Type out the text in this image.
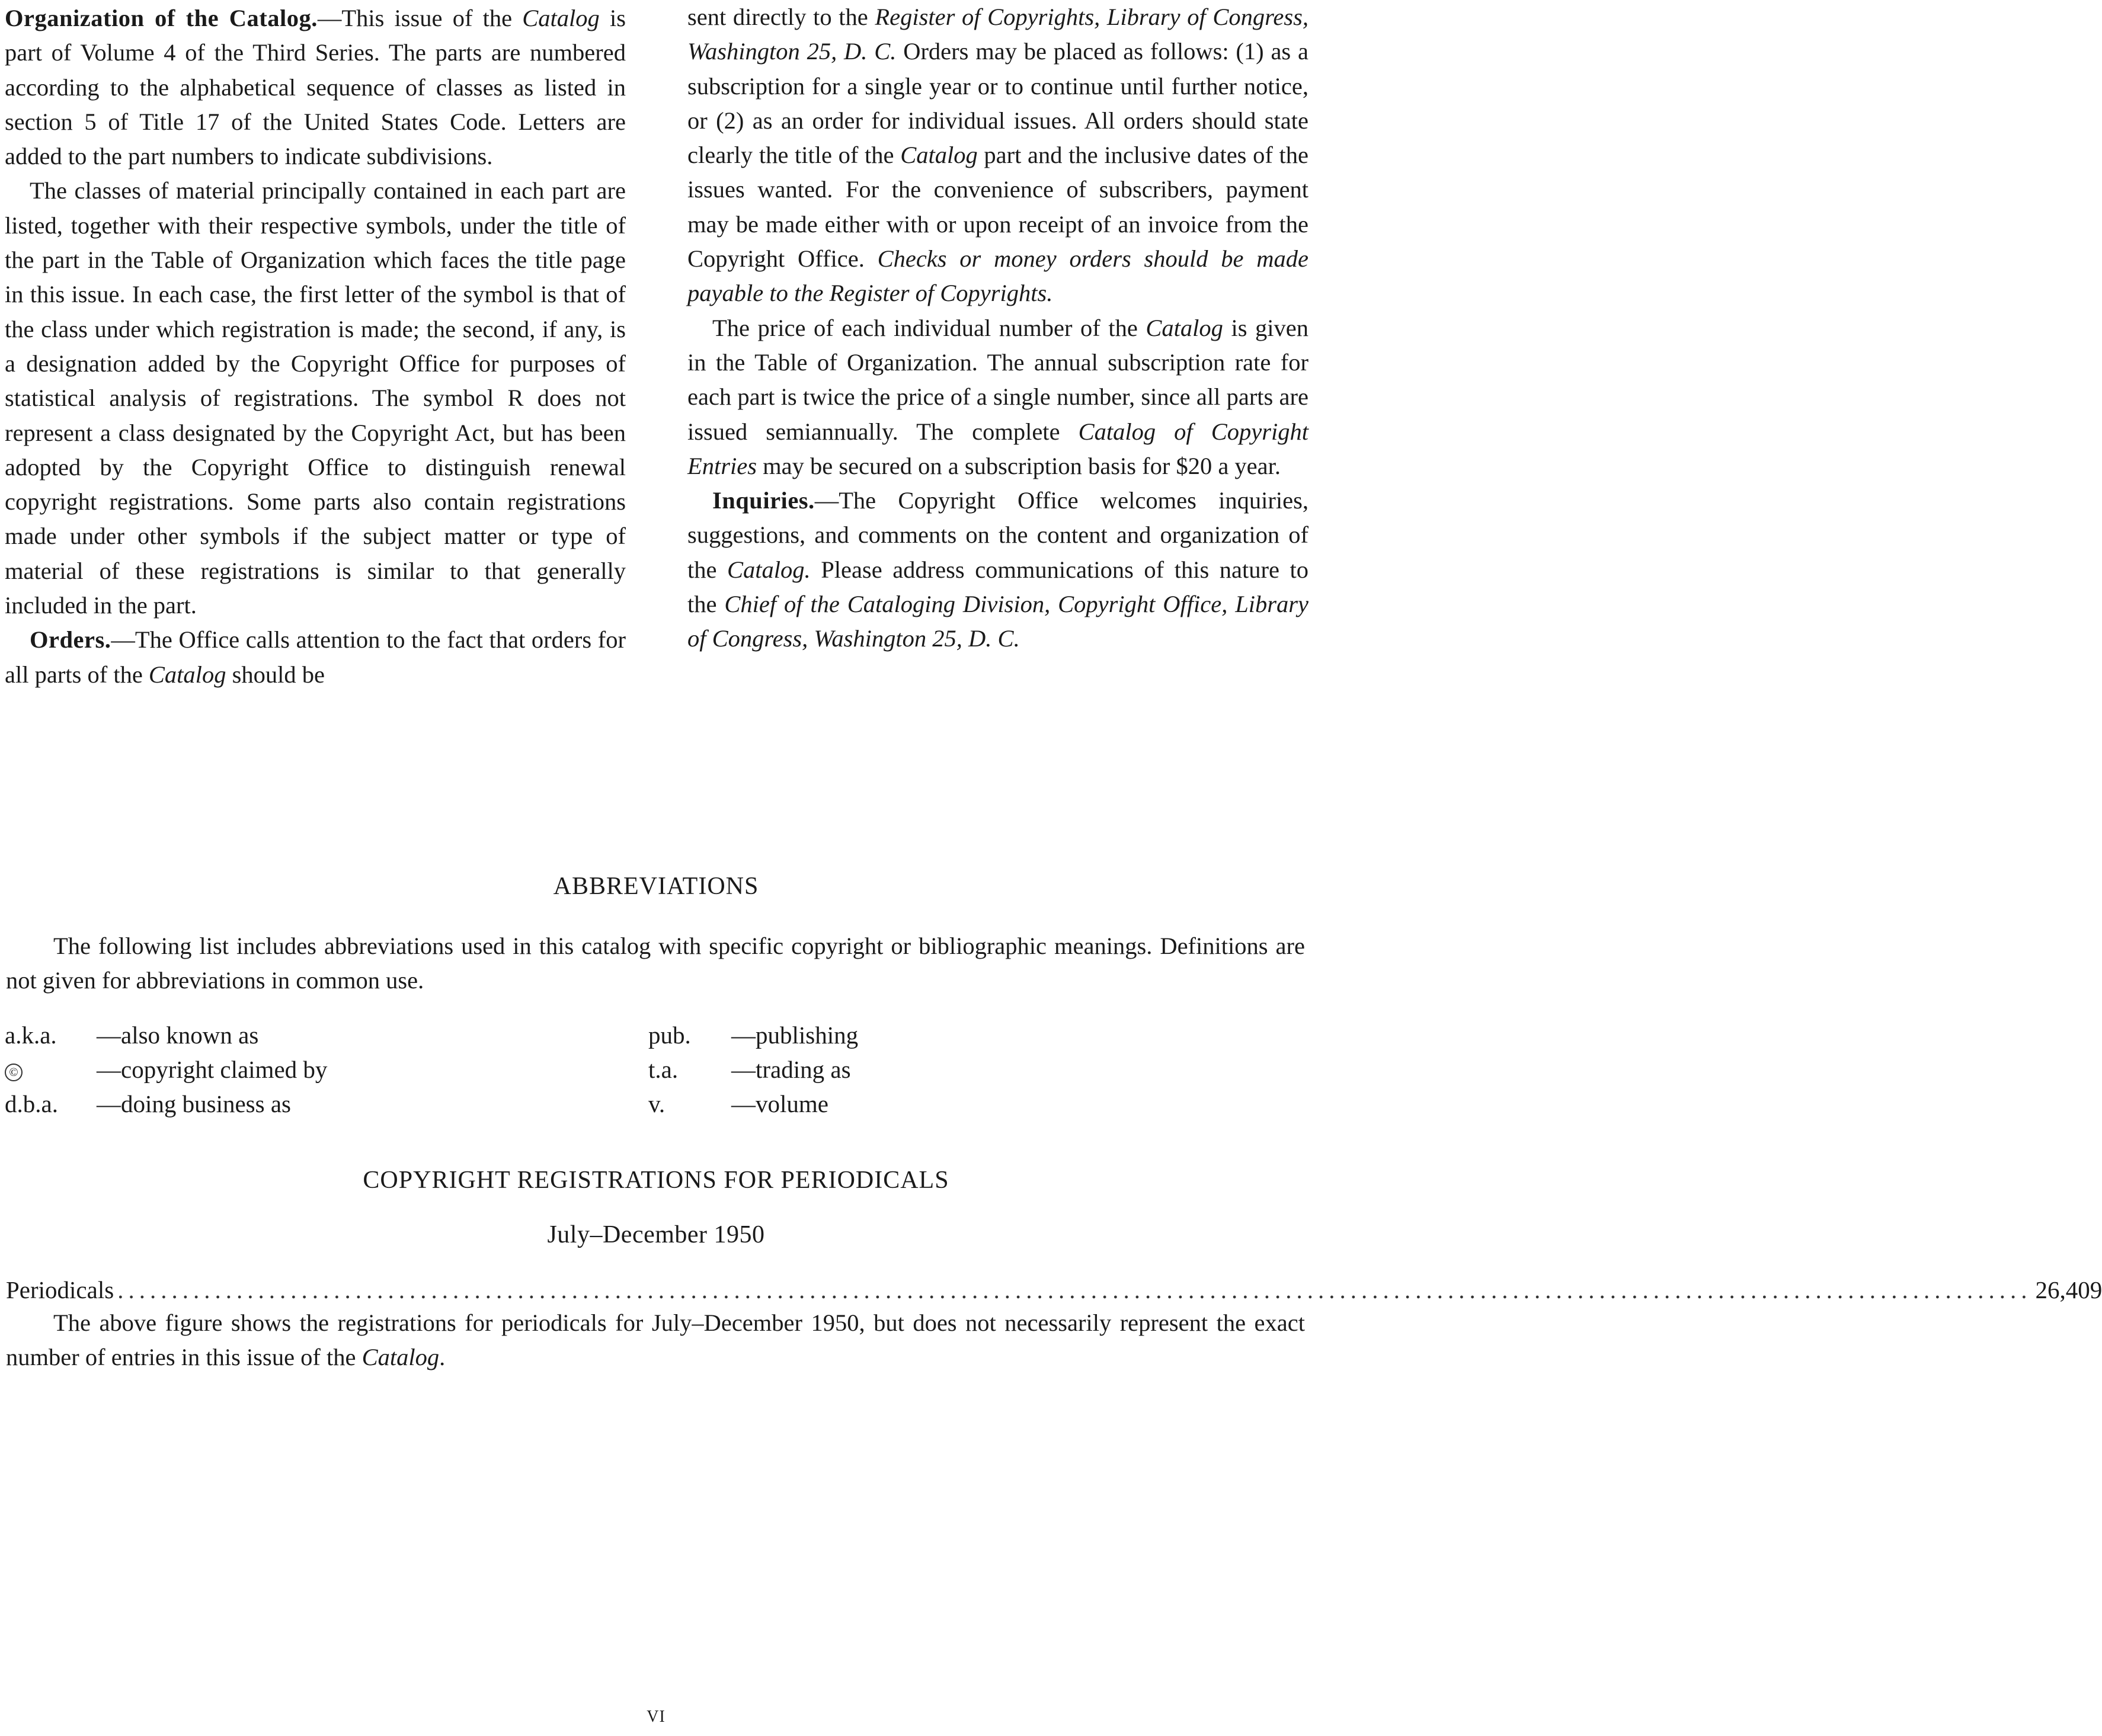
Organization of the Catalog.—This issue of the Catalog is part of Volume 4 of the Third Series. The parts are numbered according to the alphabetical sequence of classes as listed in section 5 of Title 17 of the United States Code. Letters are added to the part numbers to indicate subdivisions.

The classes of material principally contained in each part are listed, together with their respective symbols, under the title of the part in the Table of Organization which faces the title page in this issue. In each case, the first letter of the symbol is that of the class under which registration is made; the second, if any, is a designation added by the Copyright Office for purposes of statistical analysis of registrations. The symbol R does not represent a class designated by the Copyright Act, but has been adopted by the Copyright Office to distinguish renewal copyright registrations. Some parts also contain registrations made under other symbols if the subject matter or type of material of these registrations is similar to that generally included in the part.

Orders.—The Office calls attention to the fact that orders for all parts of the Catalog should be

sent directly to the Register of Copyrights, Library of Congress, Washington 25, D. C. Orders may be placed as follows: (1) as a subscription for a single year or to continue until further notice, or (2) as an order for individual issues. All orders should state clearly the title of the Catalog part and the inclusive dates of the issues wanted. For the convenience of subscribers, payment may be made either with or upon receipt of an invoice from the Copyright Office. Checks or money orders should be made payable to the Register of Copyrights.

The price of each individual number of the Catalog is given in the Table of Organization. The annual subscription rate for each part is twice the price of a single number, since all parts are issued semiannually. The complete Catalog of Copyright Entries may be secured on a subscription basis for $20 a year.

Inquiries.—The Copyright Office welcomes inquiries, suggestions, and comments on the content and organization of the Catalog. Please address communications of this nature to the Chief of the Cataloging Division, Copyright Office, Library of Congress, Washington 25, D. C.

ABBREVIATIONS
The following list includes abbreviations used in this catalog with specific copyright or bibliographic meanings. Definitions are not given for abbreviations in common use.
a.k.a.	—also known as
©	—copyright claimed by
d.b.a.	—doing business as
pub.	—publishing
t.a.	—trading as
v.	—volume
COPYRIGHT REGISTRATIONS FOR PERIODICALS
July–December 1950
Periodicals ................................................................................................................................................................................. 26,409
The above figure shows the registrations for periodicals for July–December 1950, but does not necessarily represent the exact number of entries in this issue of the Catalog.
VI
